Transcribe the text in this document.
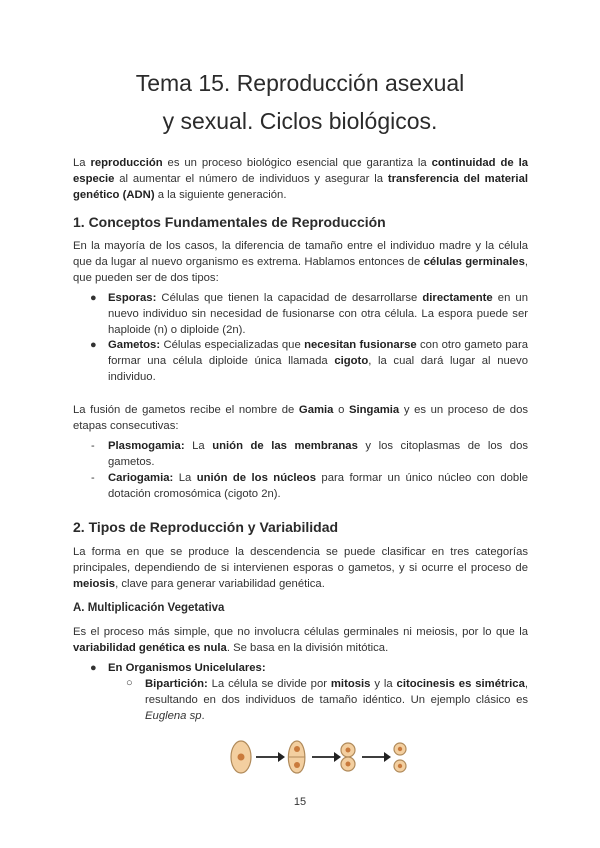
Tema 15. Reproducción asexual
y sexual. Ciclos biológicos.

La reproducción es un proceso biológico esencial que garantiza la continuidad de la especie al aumentar el número de individuos y asegurar la transferencia del material genético (ADN) a la siguiente generación.

1. Conceptos Fundamentales de Reproducción

En la mayoría de los casos, la diferencia de tamaño entre el individuo madre y la célula que da lugar al nuevo organismo es extrema. Hablamos entonces de células germinales, que pueden ser de dos tipos:

● Esporas: Células que tienen la capacidad de desarrollarse directamente en un nuevo individuo sin necesidad de fusionarse con otra célula. La espora puede ser haploide (n) o diploide (2n).

● Gametos: Células especializadas que necesitan fusionarse con otro gameto para formar una célula diploide única llamada cigoto, la cual dará lugar al nuevo individuo.

La fusión de gametos recibe el nombre de Gamia o Singamia y es un proceso de dos etapas consecutivas:

- Plasmogamia: La unión de las membranas y los citoplasmas de los dos gametos.

- Cariogamia: La unión de los núcleos para formar un único núcleo con doble dotación cromosómica (cigoto 2n).

2. Tipos de Reproducción y Variabilidad

La forma en que se produce la descendencia se puede clasificar en tres categorías principales, dependiendo de si intervienen esporas o gametos, y si ocurre el proceso de meiosis, clave para generar variabilidad genética.

A. Multiplicación Vegetativa

Es el proceso más simple, que no involucra células germinales ni meiosis, por lo que la variabilidad genética es nula. Se basa en la división mitótica.

● En Organismos Unicelulares:

○ Bipartición: La célula se divide por mitosis y la citocinesis es simétrica, resultando en dos individuos de tamaño idéntico. Un ejemplo clásico es Euglena sp.

15
